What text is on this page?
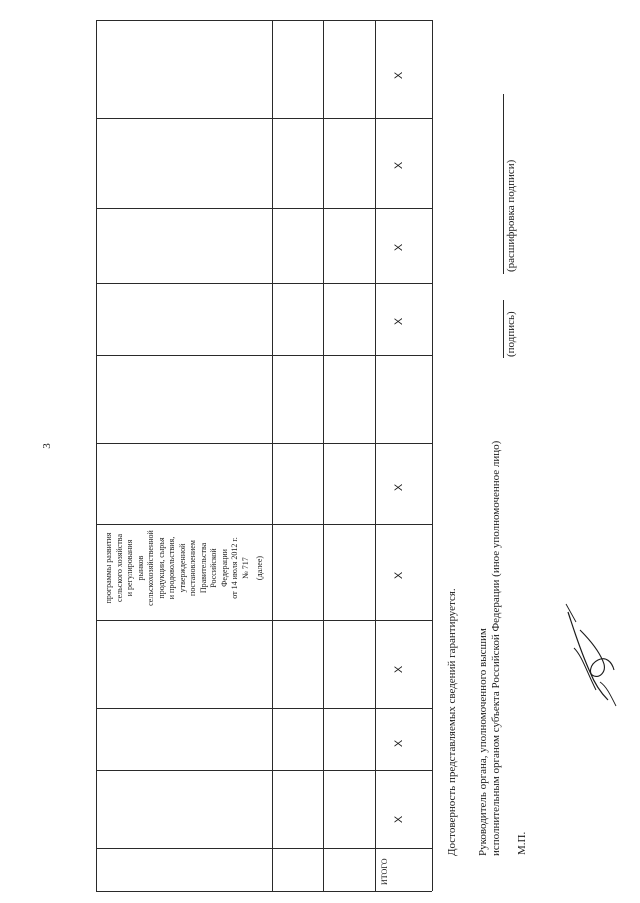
3
программы развития сельского хозяйства и регулирования рынков сельскохозяйственной продукции, сырья и продовольствия, утвержденной постановлением Правительства Российской Федерации от 14 июля 2012 г. № 717 (далее)
ИТОГО
X
X
X
X
X
X
X
X
X	Достоверность представляемых сведений гарантируется. Руководитель органа, уполномоченного высшим исполнительным органом субъекта Российской Федерации (иное уполномоченное лицо)
(подпись)
(расшифровка подписи)
М.П.
